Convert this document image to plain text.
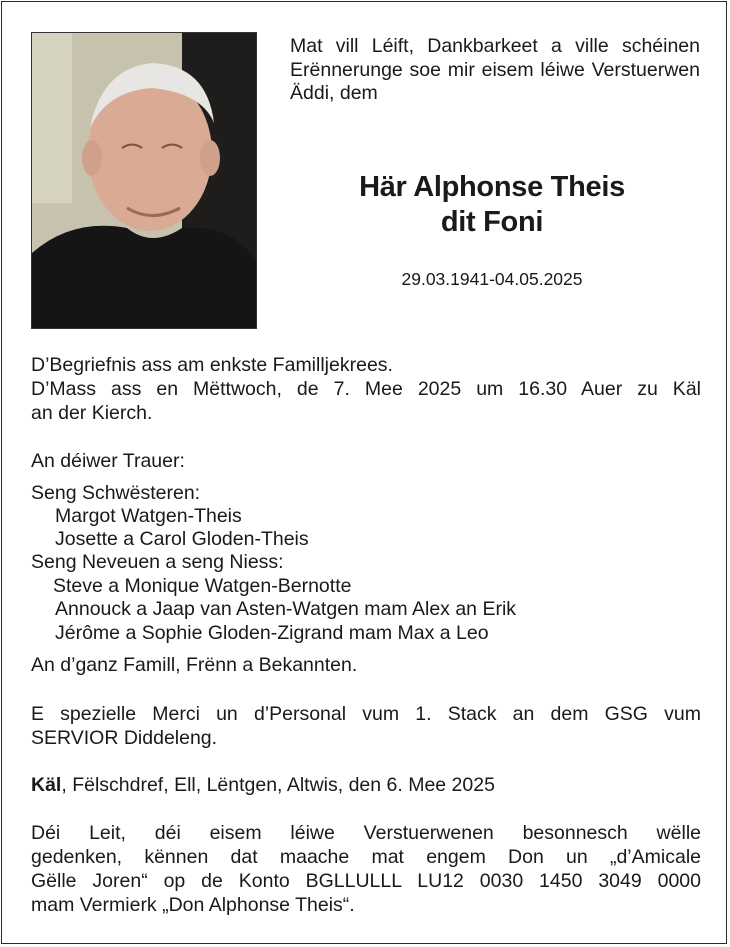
Mat vill Léift, Dankbarkeet a ville schéinen Erënnerunge soe mir eisem léiwe Verstuerwen Äddi, dem
Här Alphonse Theis
dit Foni
29.03.1941-04.05.2025
D’Begriefnis ass am enkste Familljekrees.
D’Mass ass en Mëttwoch, de 7. Mee 2025 um 16.30 Auer zu Käl
an der Kierch.
An déiwer Trauer:
Seng Schwësteren:
Margot Watgen-Theis
Josette a Carol Gloden-Theis
Seng Neveuen a seng Niess:
Steve a Monique Watgen-Bernotte
Annouck a Jaap van Asten-Watgen mam Alex an Erik
Jérôme a Sophie Gloden-Zigrand mam Max a Leo
An d’ganz Famill, Frënn a Bekannten.
E spezielle Merci un d’Personal vum 1. Stack an dem GSG vum
SERVIOR Diddeleng.
Käl, Fëlschdref, Ell, Lëntgen, Altwis, den 6. Mee 2025
Déi Leit, déi eisem léiwe Verstuerwenen besonnesch wëlle
gedenken, kënnen dat maache mat engem Don un „d’Amicale
Gëlle Joren“ op de Konto BGLLULLL LU12 0030 1450 3049 0000
mam Vermierk „Don Alphonse Theis“.
